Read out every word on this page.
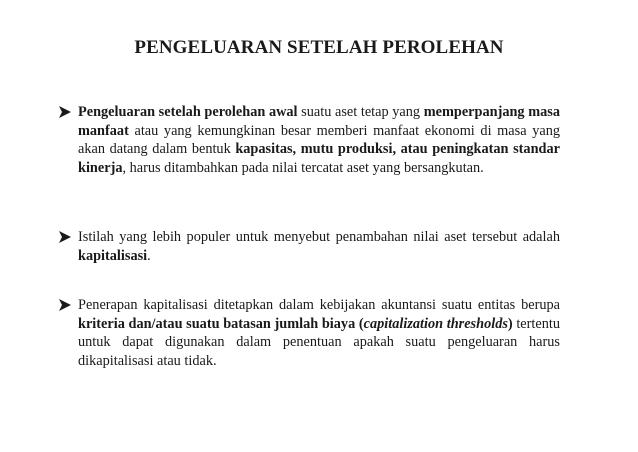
PENGELUARAN SETELAH PEROLEHAN
Pengeluaran setelah perolehan awal suatu aset tetap yang memperpanjang masa manfaat atau yang kemungkinan besar memberi manfaat ekonomi di masa yang akan datang dalam bentuk kapasitas, mutu produksi, atau peningkatan standar kinerja, harus ditambahkan pada nilai tercatat aset yang bersangkutan.
Istilah yang lebih populer untuk menyebut penambahan nilai aset tersebut adalah kapitalisasi.
Penerapan kapitalisasi ditetapkan dalam kebijakan akuntansi suatu entitas berupa kriteria dan/atau suatu batasan jumlah biaya (capitalization thresholds) tertentu untuk dapat digunakan dalam penentuan apakah suatu pengeluaran harus dikapitalisasi atau tidak.
